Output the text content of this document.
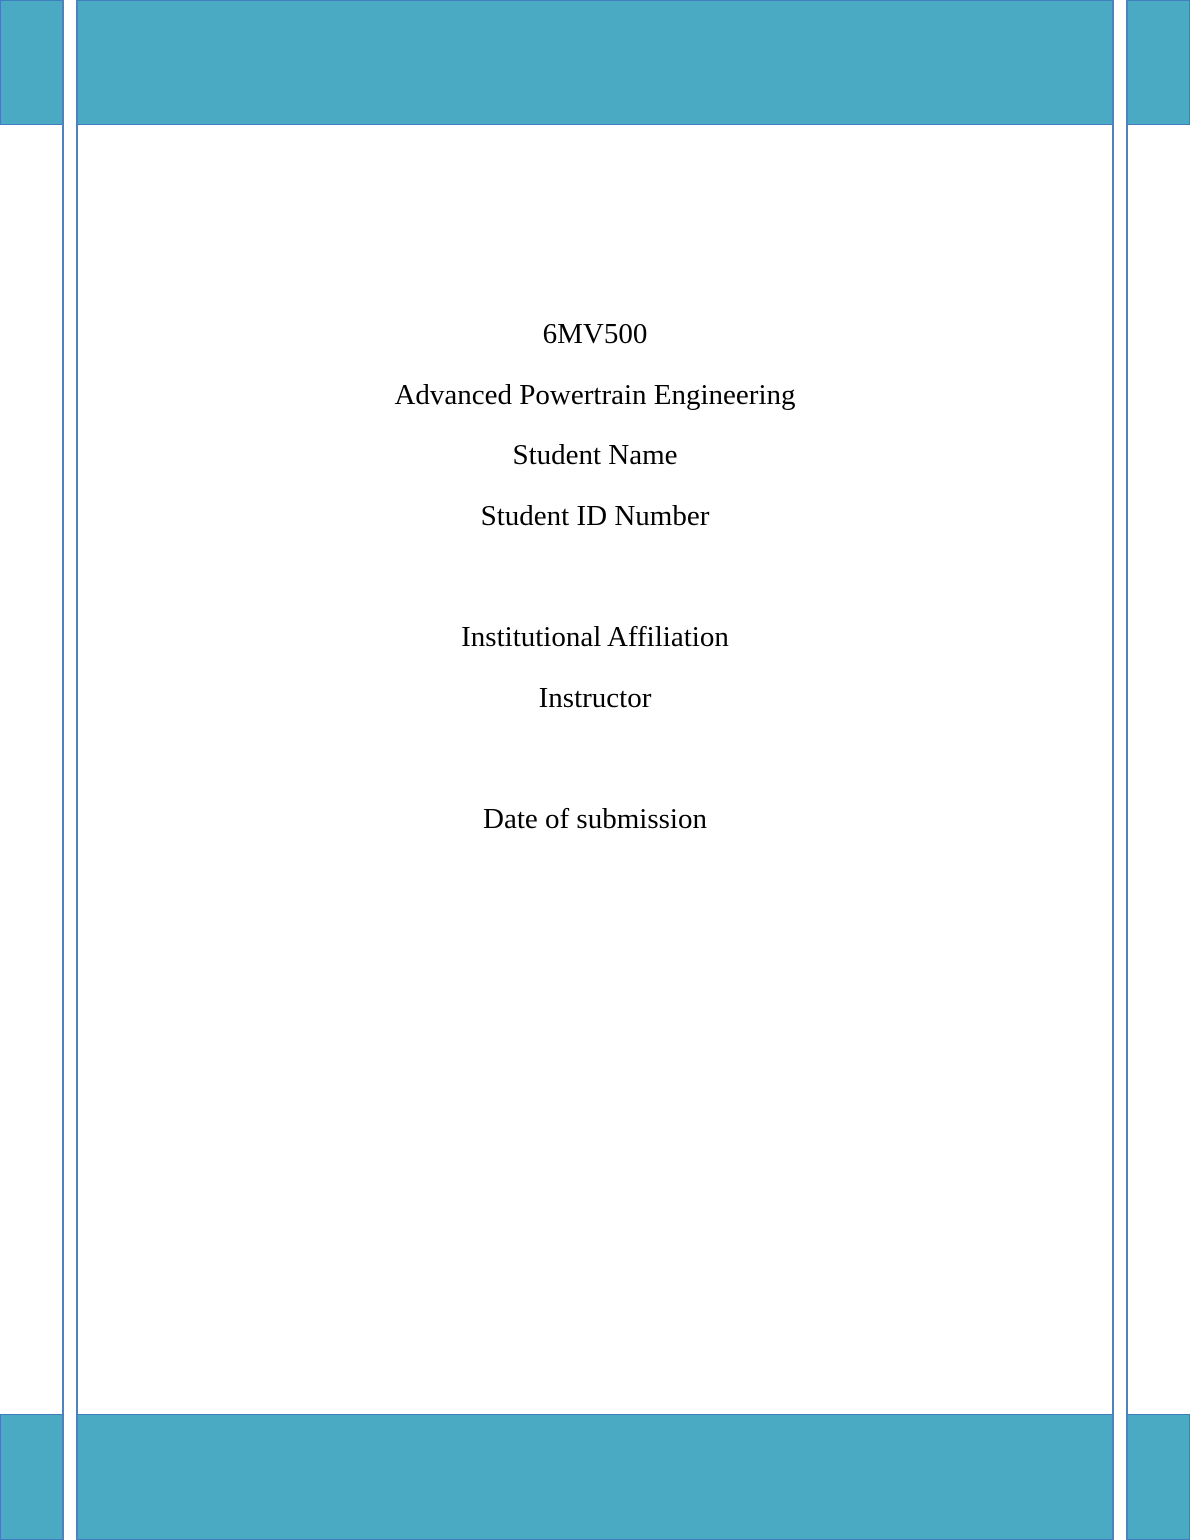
6MV500
Advanced Powertrain Engineering
Student Name
Student ID Number
Institutional Affiliation
Instructor
Date of submission
